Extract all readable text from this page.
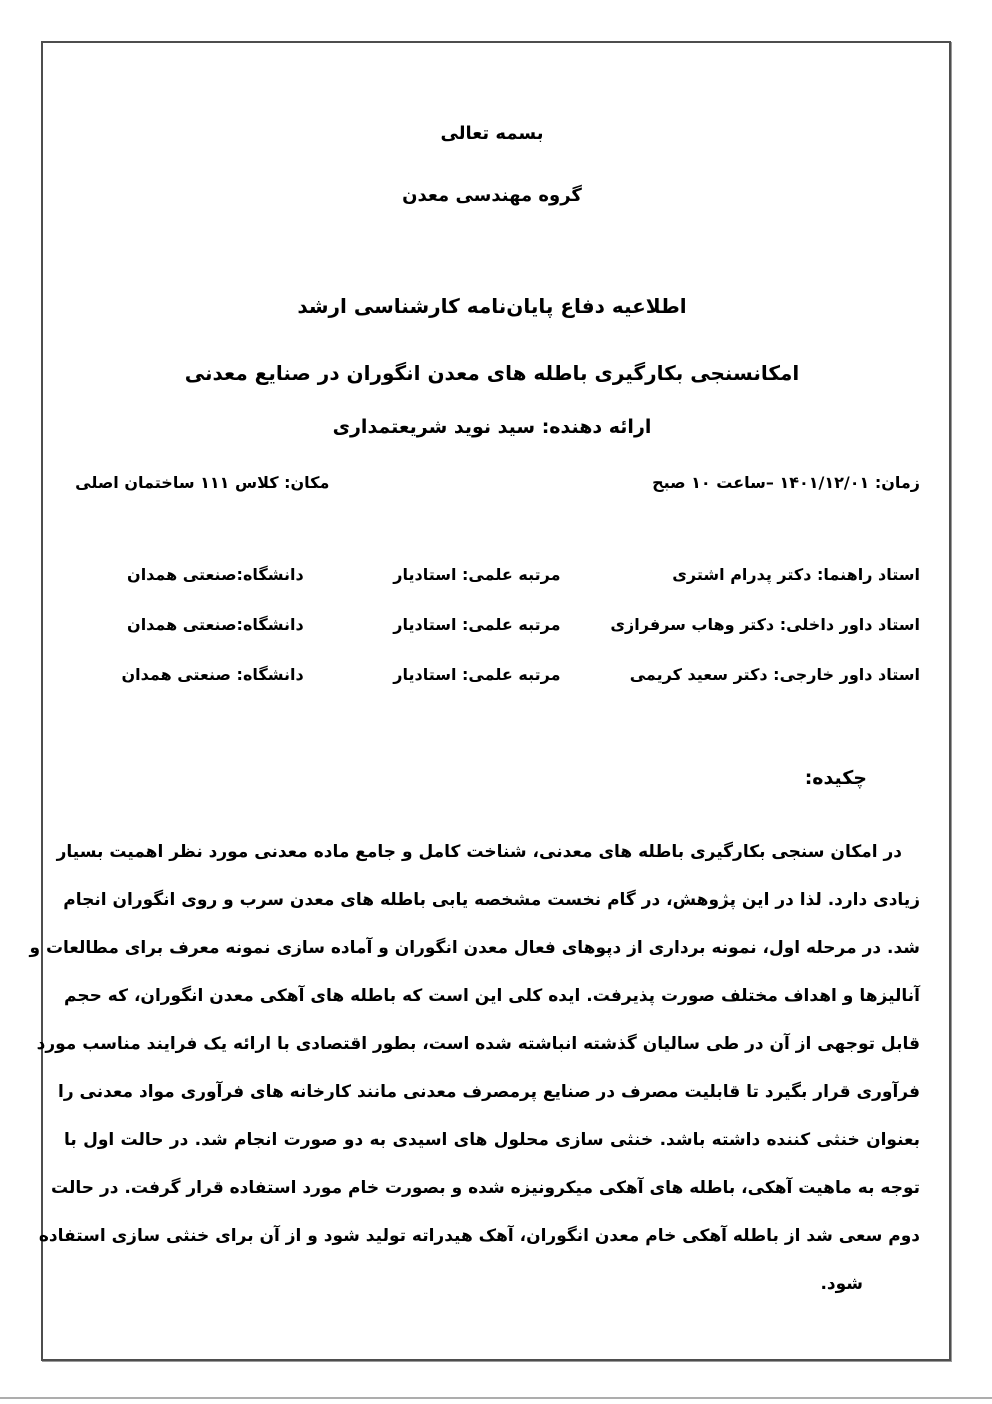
بسمه تعالی
گروه مهندسی معدن
اطلاعیه دفاع پایان‌نامه کارشناسی ارشد
امکانسنجی بکارگیری باطله های معدن انگوران در صنایع معدنی
ارائه دهنده: سید نوید شریعتمداری
زمان: ۱۴۰۱/۱۲/۰۱ –ساعت ۱۰ صبح
مکان: کلاس ۱۱۱ ساختمان اصلی
استاد راهنما: دکتر پدرام اشتری
مرتبه علمی: استادیار
دانشگاه:صنعتی همدان
استاد داور داخلی: دکتر وهاب سرفرازی
مرتبه علمی: استادیار
دانشگاه:صنعتی همدان
استاد داور خارجی: دکتر سعید کریمی
مرتبه علمی: استادیار
دانشگاه: صنعتی همدان
چکیده:
در امکان سنجی بکارگیری باطله های معدنی، شناخت کامل و جامع ماده معدنی مورد نظر اهمیت بسیار
زیادی دارد. لذا در این پژوهش، در گام نخست مشخصه یابی باطله های معدن سرب و روی انگوران انجام
شد. در مرحله اول، نمونه برداری از دپوهای فعال معدن انگوران و آماده سازی نمونه معرف برای مطالعات و
آنالیزها و اهداف مختلف صورت پذیرفت. ایده کلی این است که باطله های آهکی معدن انگوران، که حجم
قابل توجهی از آن در طی سالیان گذشته انباشته شده است، بطور اقتصادی با ارائه یک فرایند مناسب مورد
فرآوری قرار بگیرد تا قابلیت مصرف در صنایع پرمصرف معدنی مانند کارخانه های فرآوری مواد معدنی را
بعنوان خنثی کننده داشته باشد. خنثی سازی محلول های اسیدی به دو صورت انجام شد. در حالت اول با
توجه به ماهیت آهکی، باطله های آهکی میکرونیزه شده و بصورت خام مورد استفاده قرار گرفت. در حالت
دوم سعی شد از باطله آهکی خام معدن انگوران، آهک هیدراته تولید شود و از آن برای خنثی سازی استفاده
شود.
